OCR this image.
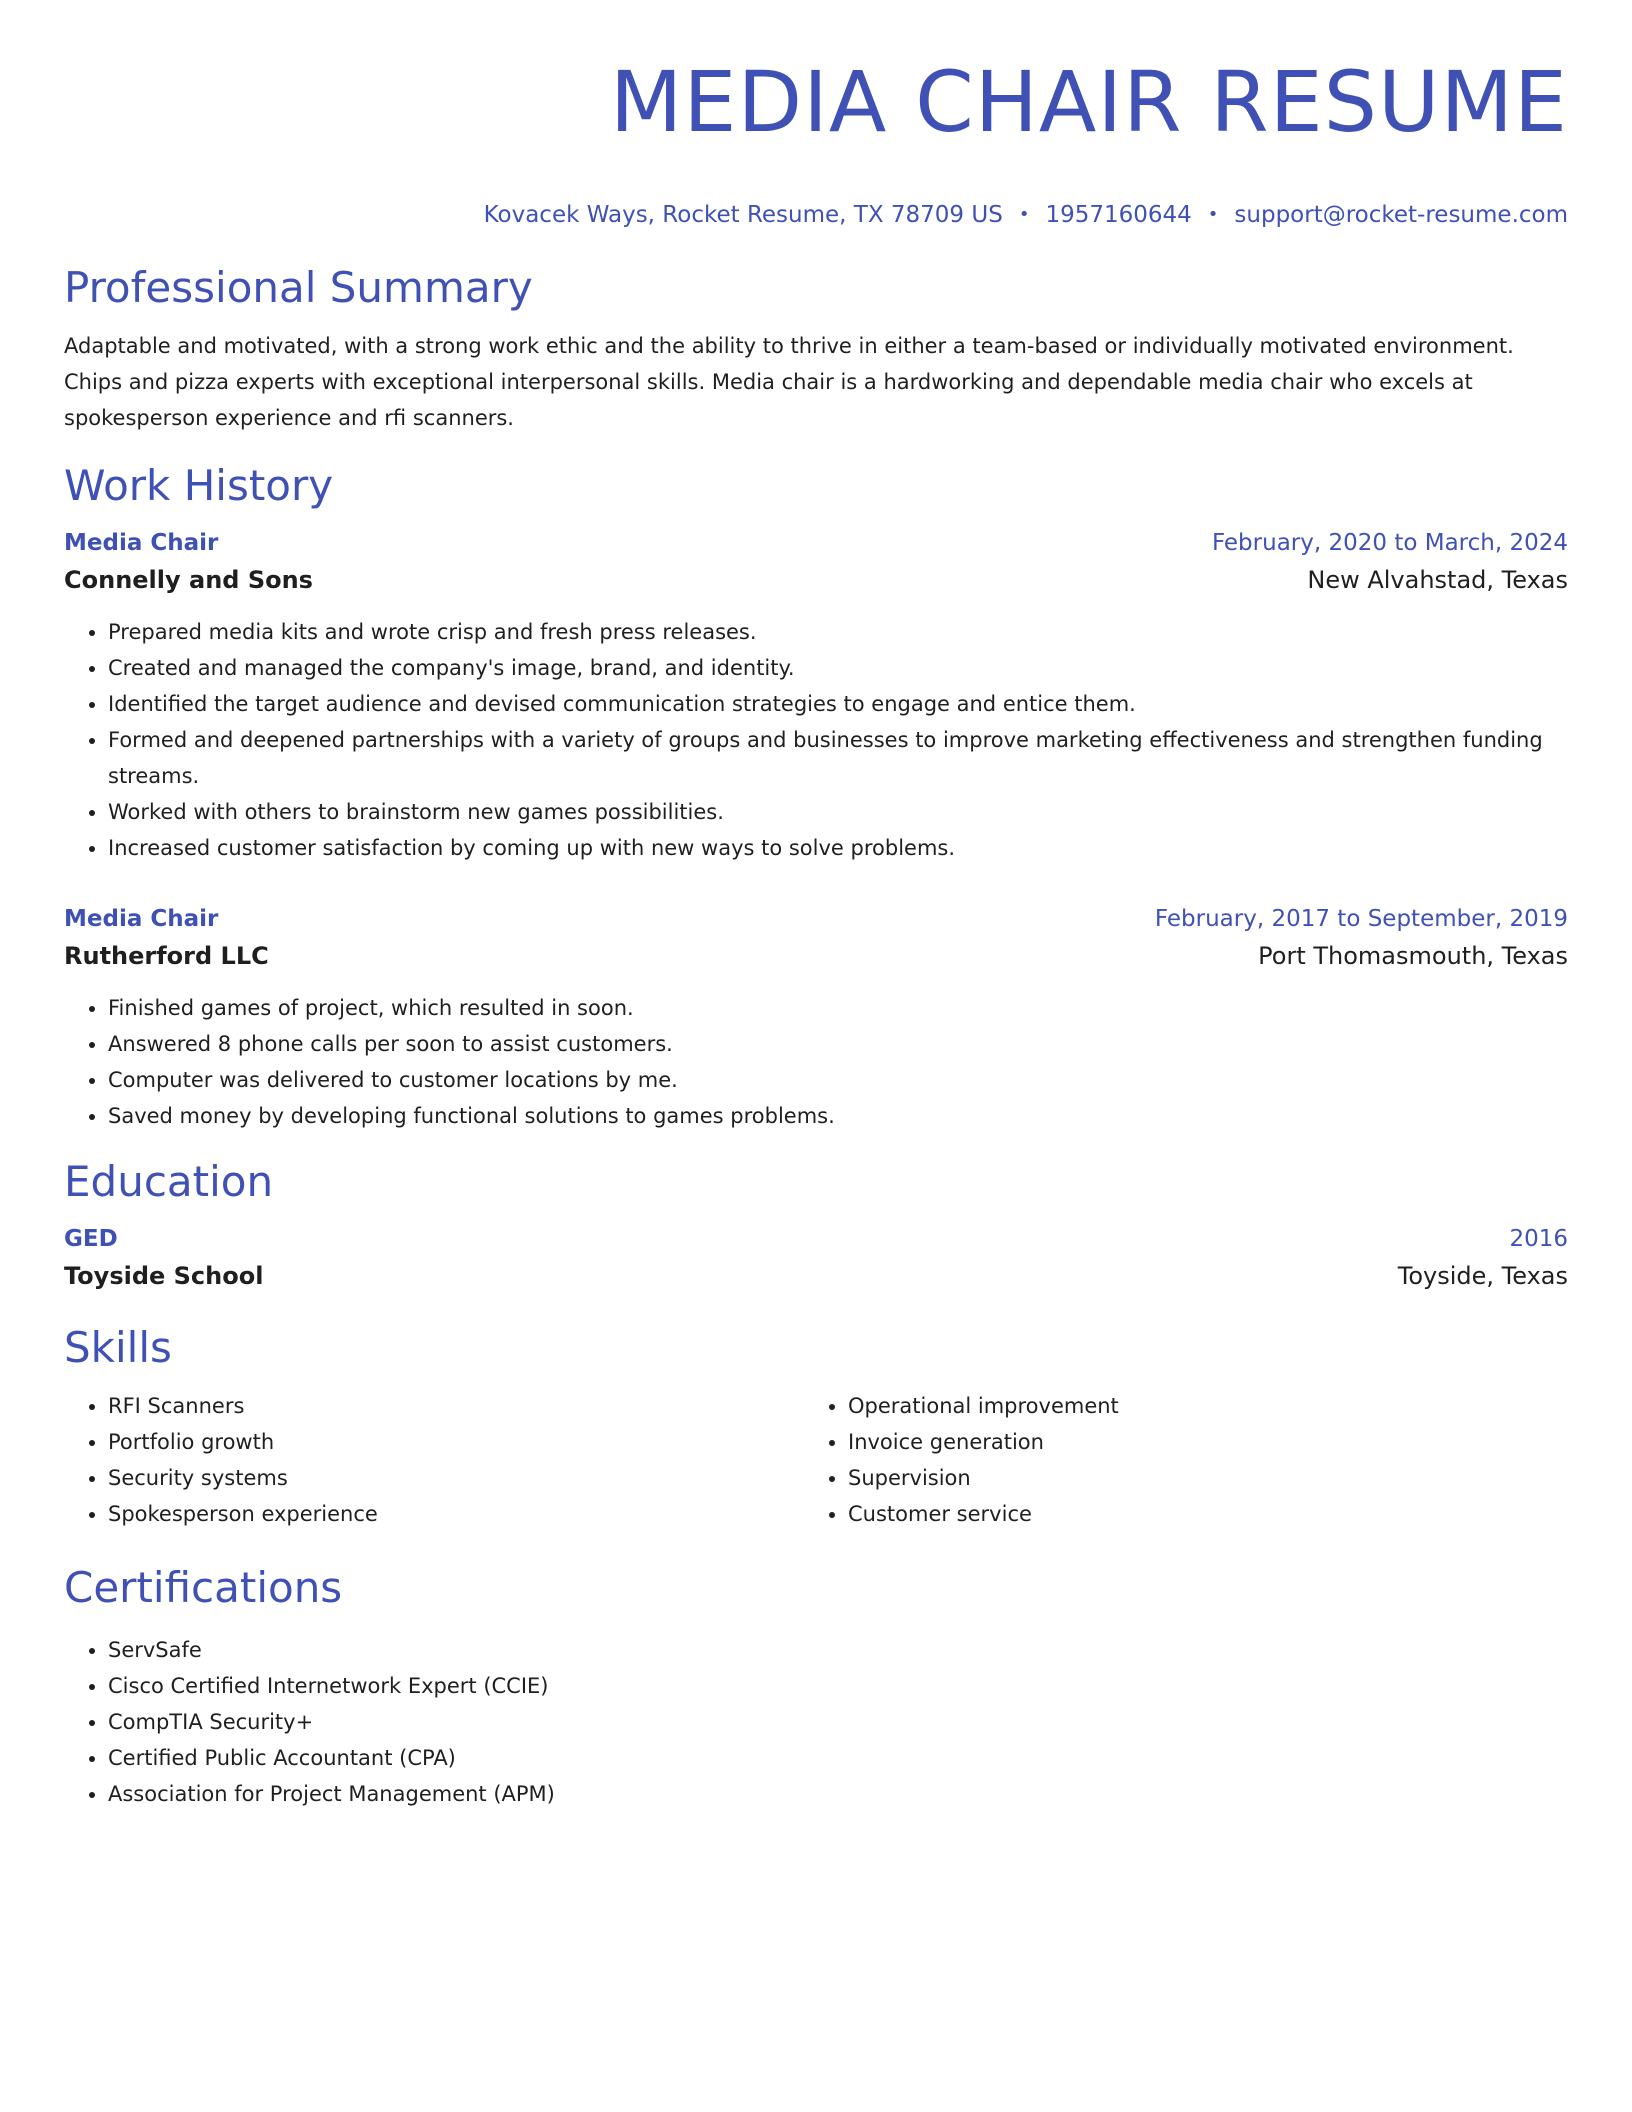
MEDIA CHAIR RESUME
Kovacek Ways, Rocket Resume, TX 78709 US • 1957160644 • support@rocket-resume.com
Professional Summary
Adaptable and motivated, with a strong work ethic and the ability to thrive in either a team-based or individually motivated environment. Chips and pizza experts with exceptional interpersonal skills. Media chair is a hardworking and dependable media chair who excels at spokesperson experience and rfi scanners.
Work History
Media Chair	February, 2020 to March, 2024
Connelly and Sons	New Alvahstad, Texas
• Prepared media kits and wrote crisp and fresh press releases.
• Created and managed the company's image, brand, and identity.
• Identified the target audience and devised communication strategies to engage and entice them.
• Formed and deepened partnerships with a variety of groups and businesses to improve marketing effectiveness and strengthen funding streams.
• Worked with others to brainstorm new games possibilities.
• Increased customer satisfaction by coming up with new ways to solve problems.
Media Chair	February, 2017 to September, 2019
Rutherford LLC	Port Thomasmouth, Texas
• Finished games of project, which resulted in soon.
• Answered 8 phone calls per soon to assist customers.
• Computer was delivered to customer locations by me.
• Saved money by developing functional solutions to games problems.
Education
GED	2016
Toyside School	Toyside, Texas
Skills
• RFI Scanners
• Portfolio growth
• Security systems
• Spokesperson experience
• Operational improvement
• Invoice generation
• Supervision
• Customer service
Certifications
• ServSafe
• Cisco Certified Internetwork Expert (CCIE)
• CompTIA Security+
• Certified Public Accountant (CPA)
• Association for Project Management (APM)
